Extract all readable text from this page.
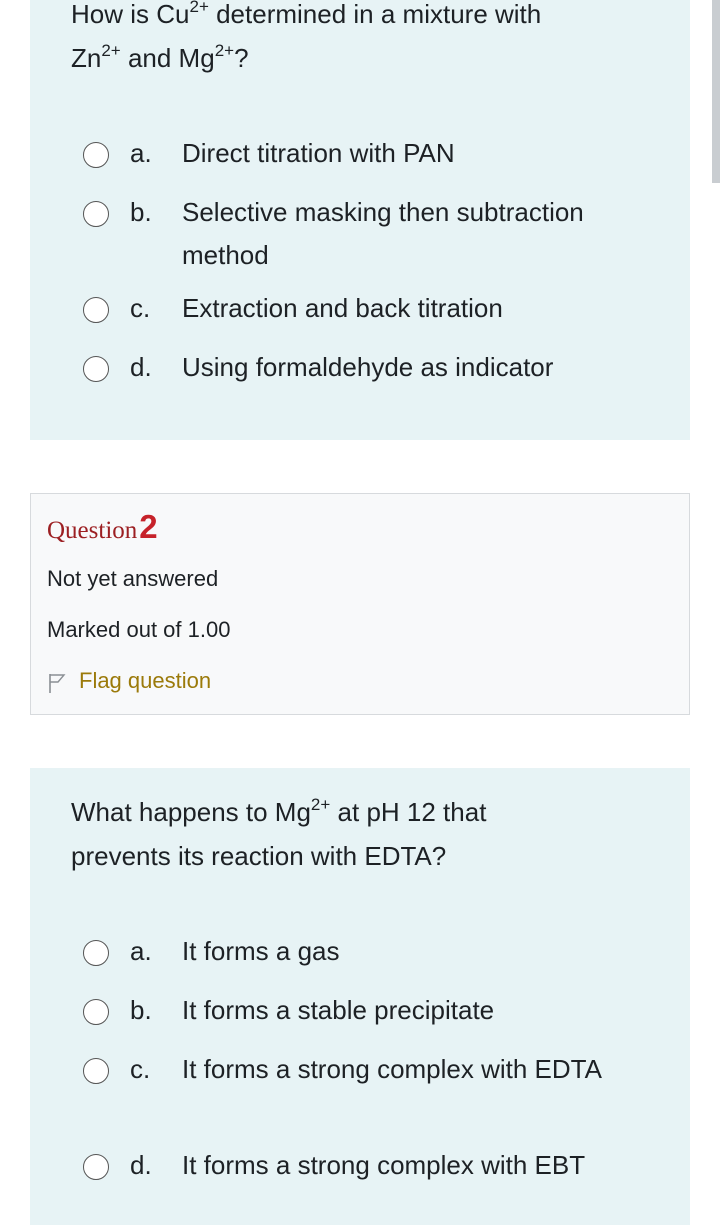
How is $Cu^{2+}$ determined in a mixture with
$Zn^{2+}$ and $Mg^{2+}$?
a. Direct titration with PAN
b. Selective masking then subtraction method
c. Extraction and back titration
d. Using formaldehyde as indicator
Question2
Not yet answered
Marked out of 1.00
Flag question
What happens to $Mg^{2+}$ at pH 12 that
prevents its reaction with EDTA?
a. It forms a gas
b. It forms a stable precipitate
c. It forms a strong complex with EDTA
d. It forms a strong complex with EBT
